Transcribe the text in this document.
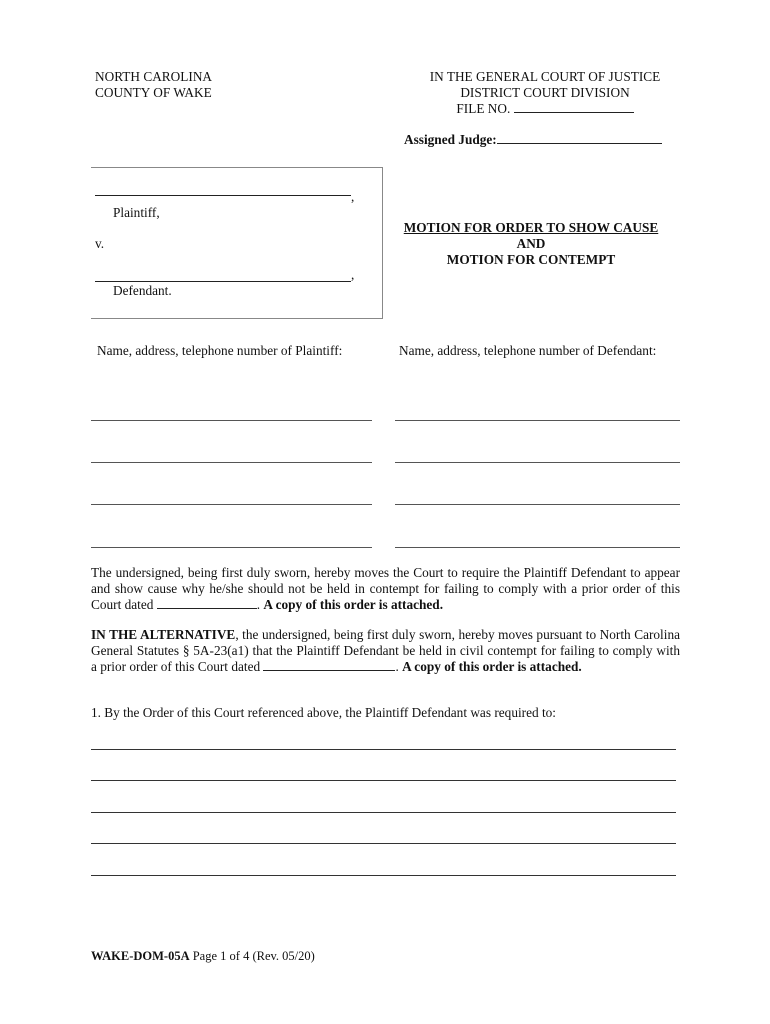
NORTH CAROLINA
COUNTY OF WAKE
IN THE GENERAL COURT OF JUSTICE
DISTRICT COURT DIVISION
FILE NO.
Assigned Judge:
,
Plaintiff,
v.
,
Defendant.
MOTION FOR ORDER TO SHOW CAUSE
AND
MOTION FOR CONTEMPT
Name, address, telephone number of Plaintiff:	Name, address, telephone number of Defendant:

The undersigned, being first duly sworn, hereby moves the Court to require the Plaintiff Defendant to appear and show cause why he/she should not be held in contempt for failing to comply with a prior order of this Court dated	. A copy of this order is attached.

IN THE ALTERNATIVE, the undersigned, being first duly sworn, hereby moves pursuant to North Carolina General Statutes § 5A-23(a1) that the Plaintiff Defendant be held in civil contempt for failing to comply with a prior order of this Court dated	. A copy of this order is attached.

1. By the Order of this Court referenced above, the Plaintiff Defendant was required to:
WAKE-DOM-05A Page 1 of 4 (Rev. 05/20)
